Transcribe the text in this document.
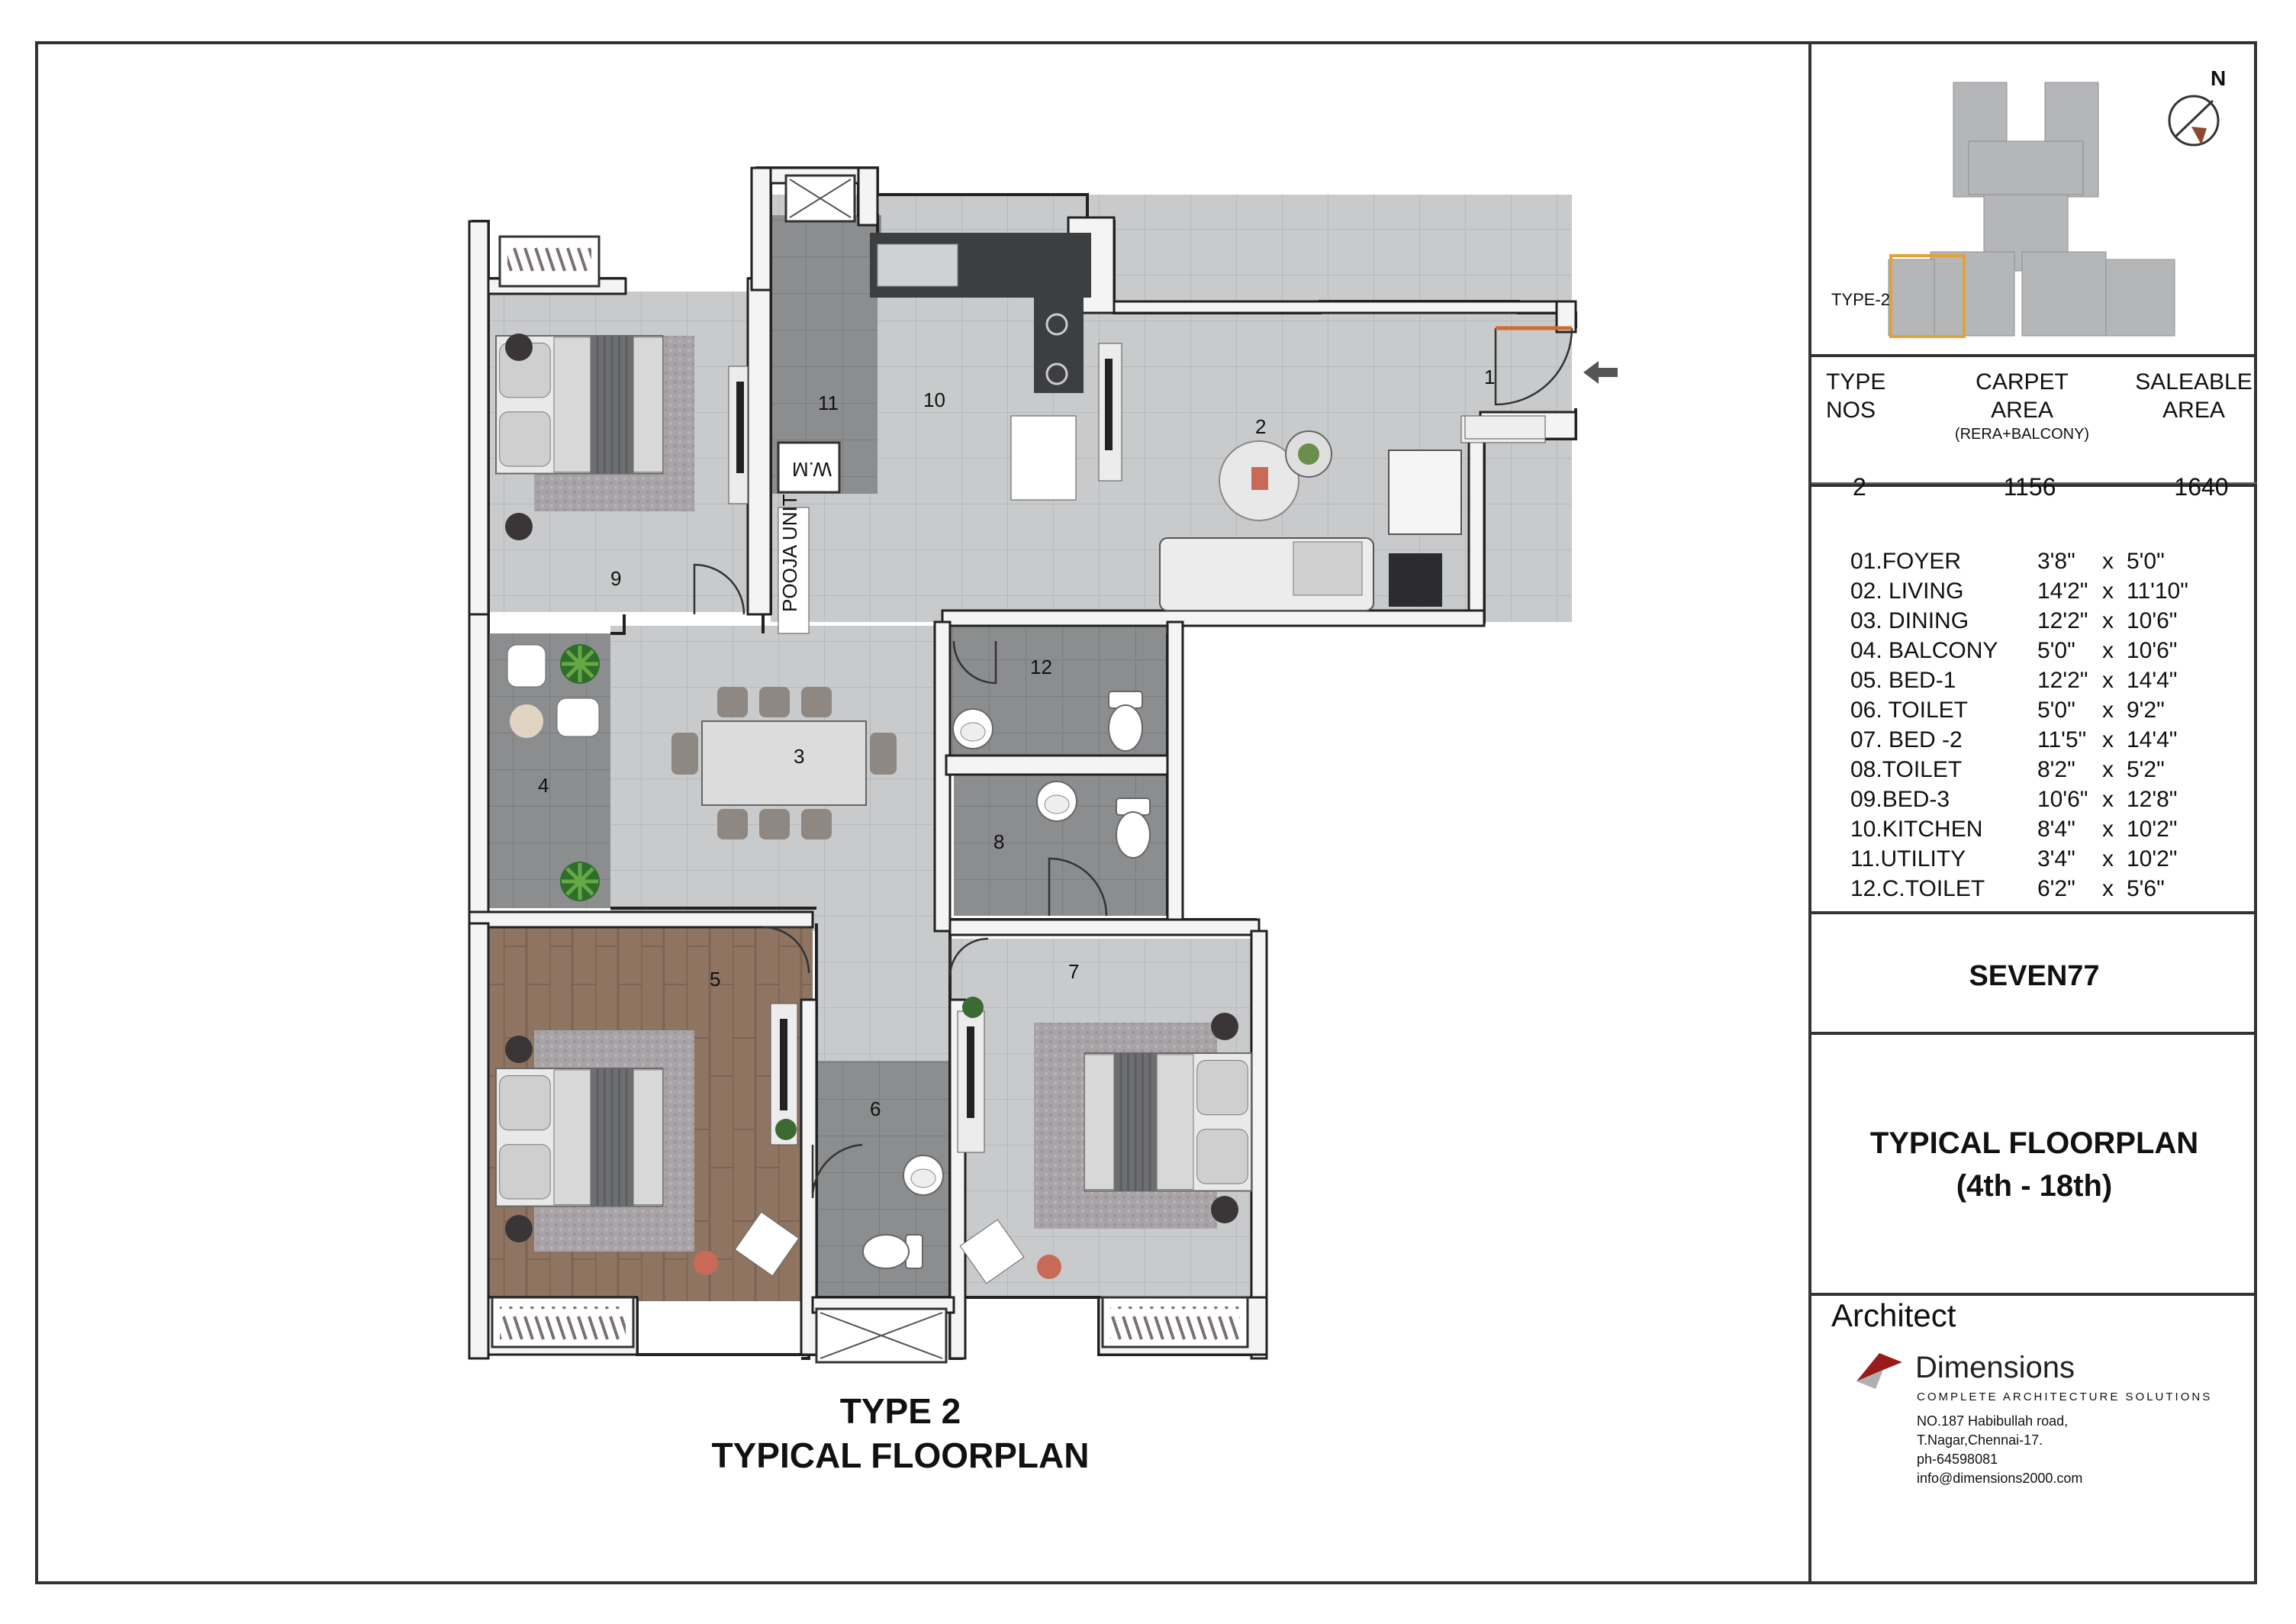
1
2
3
4
5
6
7
8
9
10
11
12
W.M
POOJA UNIT
TYPE 2
TYPICAL FLOORPLAN
N
TYPE-2
TYPE
NOS
CARPET
AREA
(RERA+BALCONY)
SALEABLE
AREA
2	1156	1640
01.FOYER	3'8" x 5'0"
02. LIVING	14'2" x 11'10"
03. DINING	12'2" x 10'6"
04. BALCONY 5'0" x 10'6"
05. BED-1	12'2" x 14'4"
06. TOILET	5'0" x 9'2"
07. BED -2	11'5" x 14'4"
08.TOILET	8'2" x 5'2"
09.BED-3	10'6" x 12'8"
10.KITCHEN 8'4" x 10'2"
11.UTILITY	3'4" x 10'2"
12.C.TOILET 6'2" x 5'6"
SEVEN77
TYPICAL FLOORPLAN
(4th - 18th)
Architect
Dimensions
COMPLETE ARCHITECTURE SOLUTIONS
NO.187 Habibullah road,
T.Nagar,Chennai-17.
ph-64598081
info@dimensions2000.com
